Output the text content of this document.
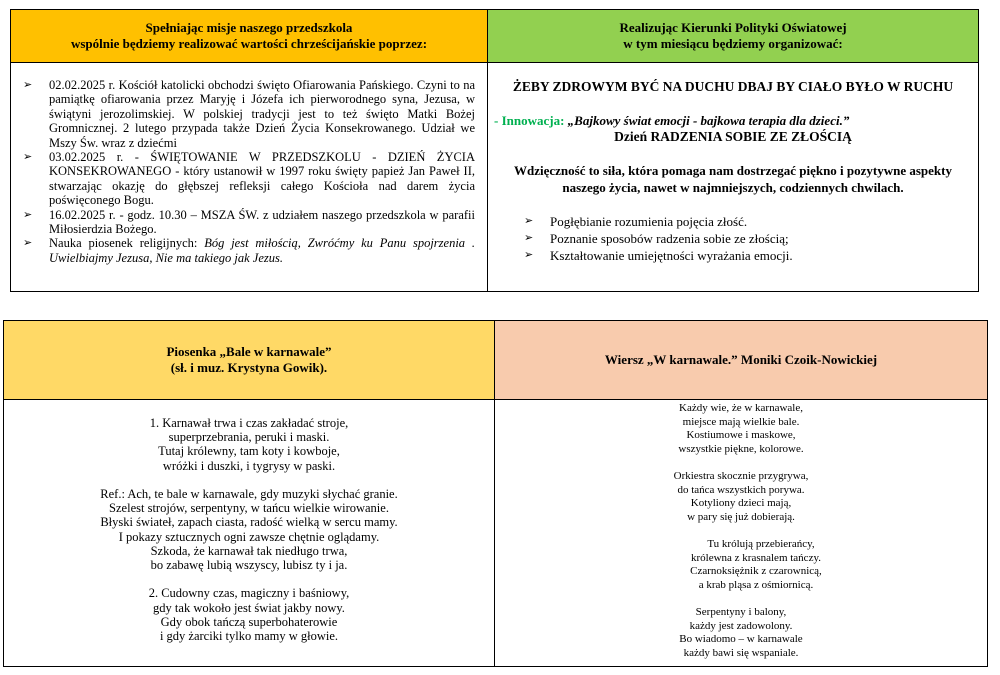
Spełniając misje naszego przedszkola
wspólnie będziemy realizować wartości chrześcijańskie poprzez:
Realizując Kierunki Polityki Oświatowej
w tym miesiącu będziemy organizować:
➢ 02.02.2025 r. Kościół katolicki obchodzi święto Ofiarowania Pańskiego. Czyni to na pamiątkę ofiarowania przez Maryję i Józefa ich pierworodnego syna, Jezusa, w świątyni jerozolimskiej. W polskiej tradycji jest to też święto Matki Bożej Gromnicznej. 2 lutego przypada także Dzień Życia Konsekrowanego. Udział we Mszy Św. wraz z dziećmi
➢ 03.02.2025 r. - ŚWIĘTOWANIE W PRZEDSZKOLU - DZIEŃ ŻYCIA KONSEKROWANEGO - który ustanowił w 1997 roku święty papież Jan Paweł II, stwarzając okazję do głębszej refleksji całego Kościoła nad darem życia poświęconego Bogu.
➢ 16.02.2025 r. - godz. 10.30 – MSZA ŚW. z udziałem naszego przedszkola w parafii Miłosierdzia Bożego.
➢ Nauka piosenek religijnych: Bóg jest miłością, Zwróćmy ku Panu spojrzenia . Uwielbiajmy Jezusa, Nie ma takiego jak Jezus.
ŻEBY ZDROWYM BYĆ NA DUCHU DBAJ BY CIAŁO BYŁO W RUCHU
- Innowacja: „Bajkowy świat emocji - bajkowa terapia dla dzieci.”
Dzień RADZENIA SOBIE ZE ZŁOŚCIĄ
Wdzięczność to siła, która pomaga nam dostrzegać piękno i pozytywne aspekty naszego życia, nawet w najmniejszych, codziennych chwilach.
➢ Pogłębianie rozumienia pojęcia złość.
➢ Poznanie sposobów radzenia sobie ze złością;
➢ Kształtowanie umiejętności wyrażania emocji.
Piosenka „Bale w karnawale”
(sł. i muz. Krystyna Gowik).
Wiersz „W karnawale.” Moniki Czoik-Nowickiej

1. Karnawał trwa i czas zakładać stroje,

superprzebrania, peruki i maski.

Tutaj królewny, tam koty i kowboje,

wróżki i duszki, i tygrysy w paski.

Ref.: Ach, te bale w karnawale, gdy muzyki słychać granie.

Szelest strojów, serpentyny, w tańcu wielkie wirowanie.

Błyski świateł, zapach ciasta, radość wielką w sercu mamy.

I pokazy sztucznych ogni zawsze chętnie oglądamy.

Szkoda, że karnawał tak niedługo trwa,

bo zabawę lubią wszyscy, lubisz ty i ja.

2. Cudowny czas, magiczny i baśniowy,

gdy tak wokoło jest świat jakby nowy.

Gdy obok tańczą superbohaterowie

i gdy żarciki tylko mamy w głowie.

Każdy wie, że w karnawale,

miejsce mają wielkie bale.

Kostiumowe i maskowe,

wszystkie piękne, kolorowe.

Orkiestra skocznie przygrywa,

do tańca wszystkich porywa.

Kotyliony dzieci mają,

w pary się już dobierają.

Tu królują przebierańcy,

królewna z krasnalem tańczy.

Czarnoksiężnik z czarownicą,

a krab pląsa z ośmiornicą.

Serpentyny i balony,

każdy jest zadowolony.

Bo wiadomo – w karnawale

każdy bawi się wspaniale.
